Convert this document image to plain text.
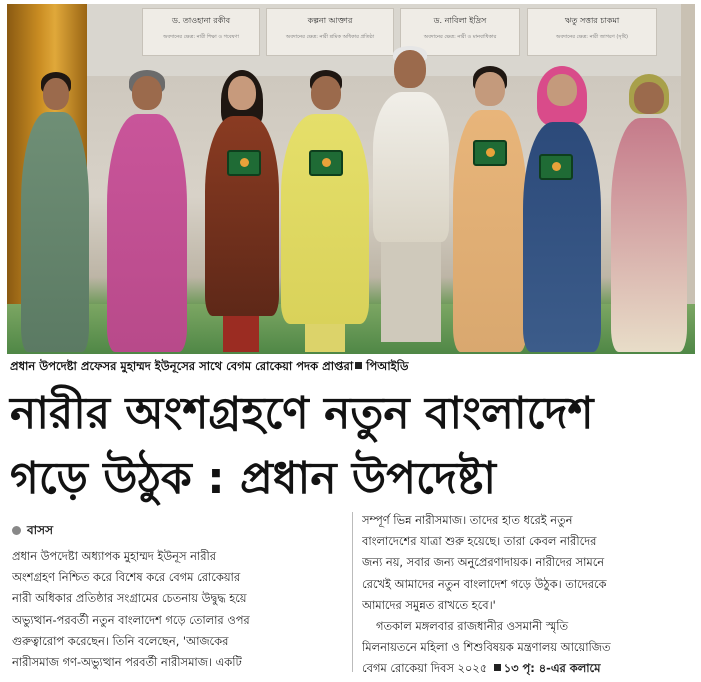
ড. তাওহানা রকীব
অবদানের ক্ষেত্র: নারী শিক্ষা ও গবেষণা
কল্পনা আক্তার
অবদানের ক্ষেত্র: নারী শ্রমিক অধিকার প্রতিষ্ঠা
ড. নাবিলা ইদ্রিস
অবদানের ক্ষেত্র: নারী ও মানবাধিকার
ঋতু সত্তার চাকমা
অবদানের ক্ষেত্র: নারী জাগরণ (সৃষ্টি)
প্রধান উপদেষ্টা প্রফেসর মুহাম্মদ ইউনূসের সাথে বেগম রোকেয়া পদক প্রাপ্তরা পিআইডি
নারীর অংশগ্রহণে নতুন বাংলাদেশ
গড়ে উঠুক : প্রধান উপদেষ্টা
বাসস
প্রধান উপদেষ্টা অধ্যাপক মুহাম্মদ ইউনূস নারীর
অংশগ্রহণ নিশ্চিত করে বিশেষ করে বেগম রোকেয়ার
নারী অধিকার প্রতিষ্ঠার সংগ্রামের চেতনায় উদ্বুদ্ধ হয়ে
অভ্যুত্থান-পরবর্তী নতুন বাংলাদেশ গড়ে তোলার ওপর
গুরুত্বারোপ করেছেন। তিনি বলেছেন, 'আজকের
নারীসমাজ গণ-অভ্যুত্থান পরবর্তী নারীসমাজ। একটি
সম্পূর্ণ ভিন্ন নারীসমাজ। তাদের হাত ধরেই নতুন
বাংলাদেশের যাত্রা শুরু হয়েছে। তারা কেবল নারীদের
জন্য নয়, সবার জন্য অনুপ্রেরণাদায়ক। নারীদের সামনে
রেখেই আমাদের নতুন বাংলাদেশ গড়ে উঠুক। তাদেরকে
আমাদের সমুন্নত রাখতে হবে।'
গতকাল মঙ্গলবার রাজধানীর ওসমানী স্মৃতি
মিলনায়তনে মহিলা ও শিশুবিষয়ক মন্ত্রণালয় আয়োজিত
বেগম রোকেয়া দিবস ২০২৫ ১৩ পৃ: ৪-এর কলামে
